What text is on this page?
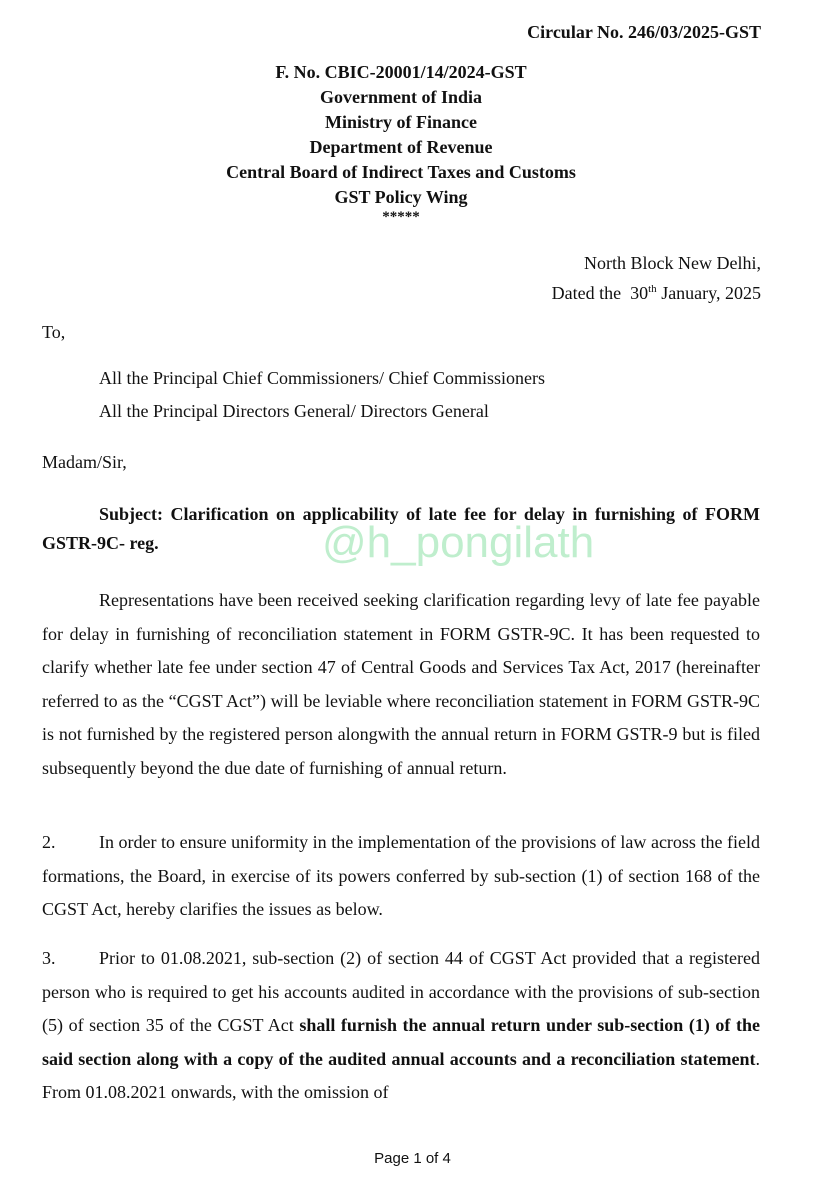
Circular No. 246/03/2025-GST
F. No. CBIC-20001/14/2024-GST
Government of India
Ministry of Finance
Department of Revenue
Central Board of Indirect Taxes and Customs
GST Policy Wing
*****
North Block New Delhi,
Dated the  30th January, 2025
To,
All the Principal Chief Commissioners/ Chief Commissioners
All the Principal Directors General/ Directors General
Madam/Sir,
Subject: Clarification on applicability of late fee for delay in furnishing of FORM GSTR-9C- reg.	@h_pongilath
Representations have been received seeking clarification regarding levy of late fee payable for delay in furnishing of reconciliation statement in FORM GSTR-9C. It has been requested to clarify whether late fee under section 47 of Central Goods and Services Tax Act, 2017 (hereinafter referred to as the “CGST Act”) will be leviable where reconciliation statement in FORM GSTR-9C is not furnished by the registered person alongwith the annual return in FORM GSTR-9 but is filed subsequently beyond the due date of furnishing of annual return.
2. In order to ensure uniformity in the implementation of the provisions of law across the field formations, the Board, in exercise of its powers conferred by sub-section (1) of section 168 of the CGST Act, hereby clarifies the issues as below.
3. Prior to 01.08.2021, sub-section (2) of section 44 of CGST Act provided that a registered person who is required to get his accounts audited in accordance with the provisions of sub-section (5) of section 35 of the CGST Act shall furnish the annual return under sub-section (1) of the said section along with a copy of the audited annual accounts and a reconciliation statement. From 01.08.2021 onwards, with the omission of
Page 1 of 4
